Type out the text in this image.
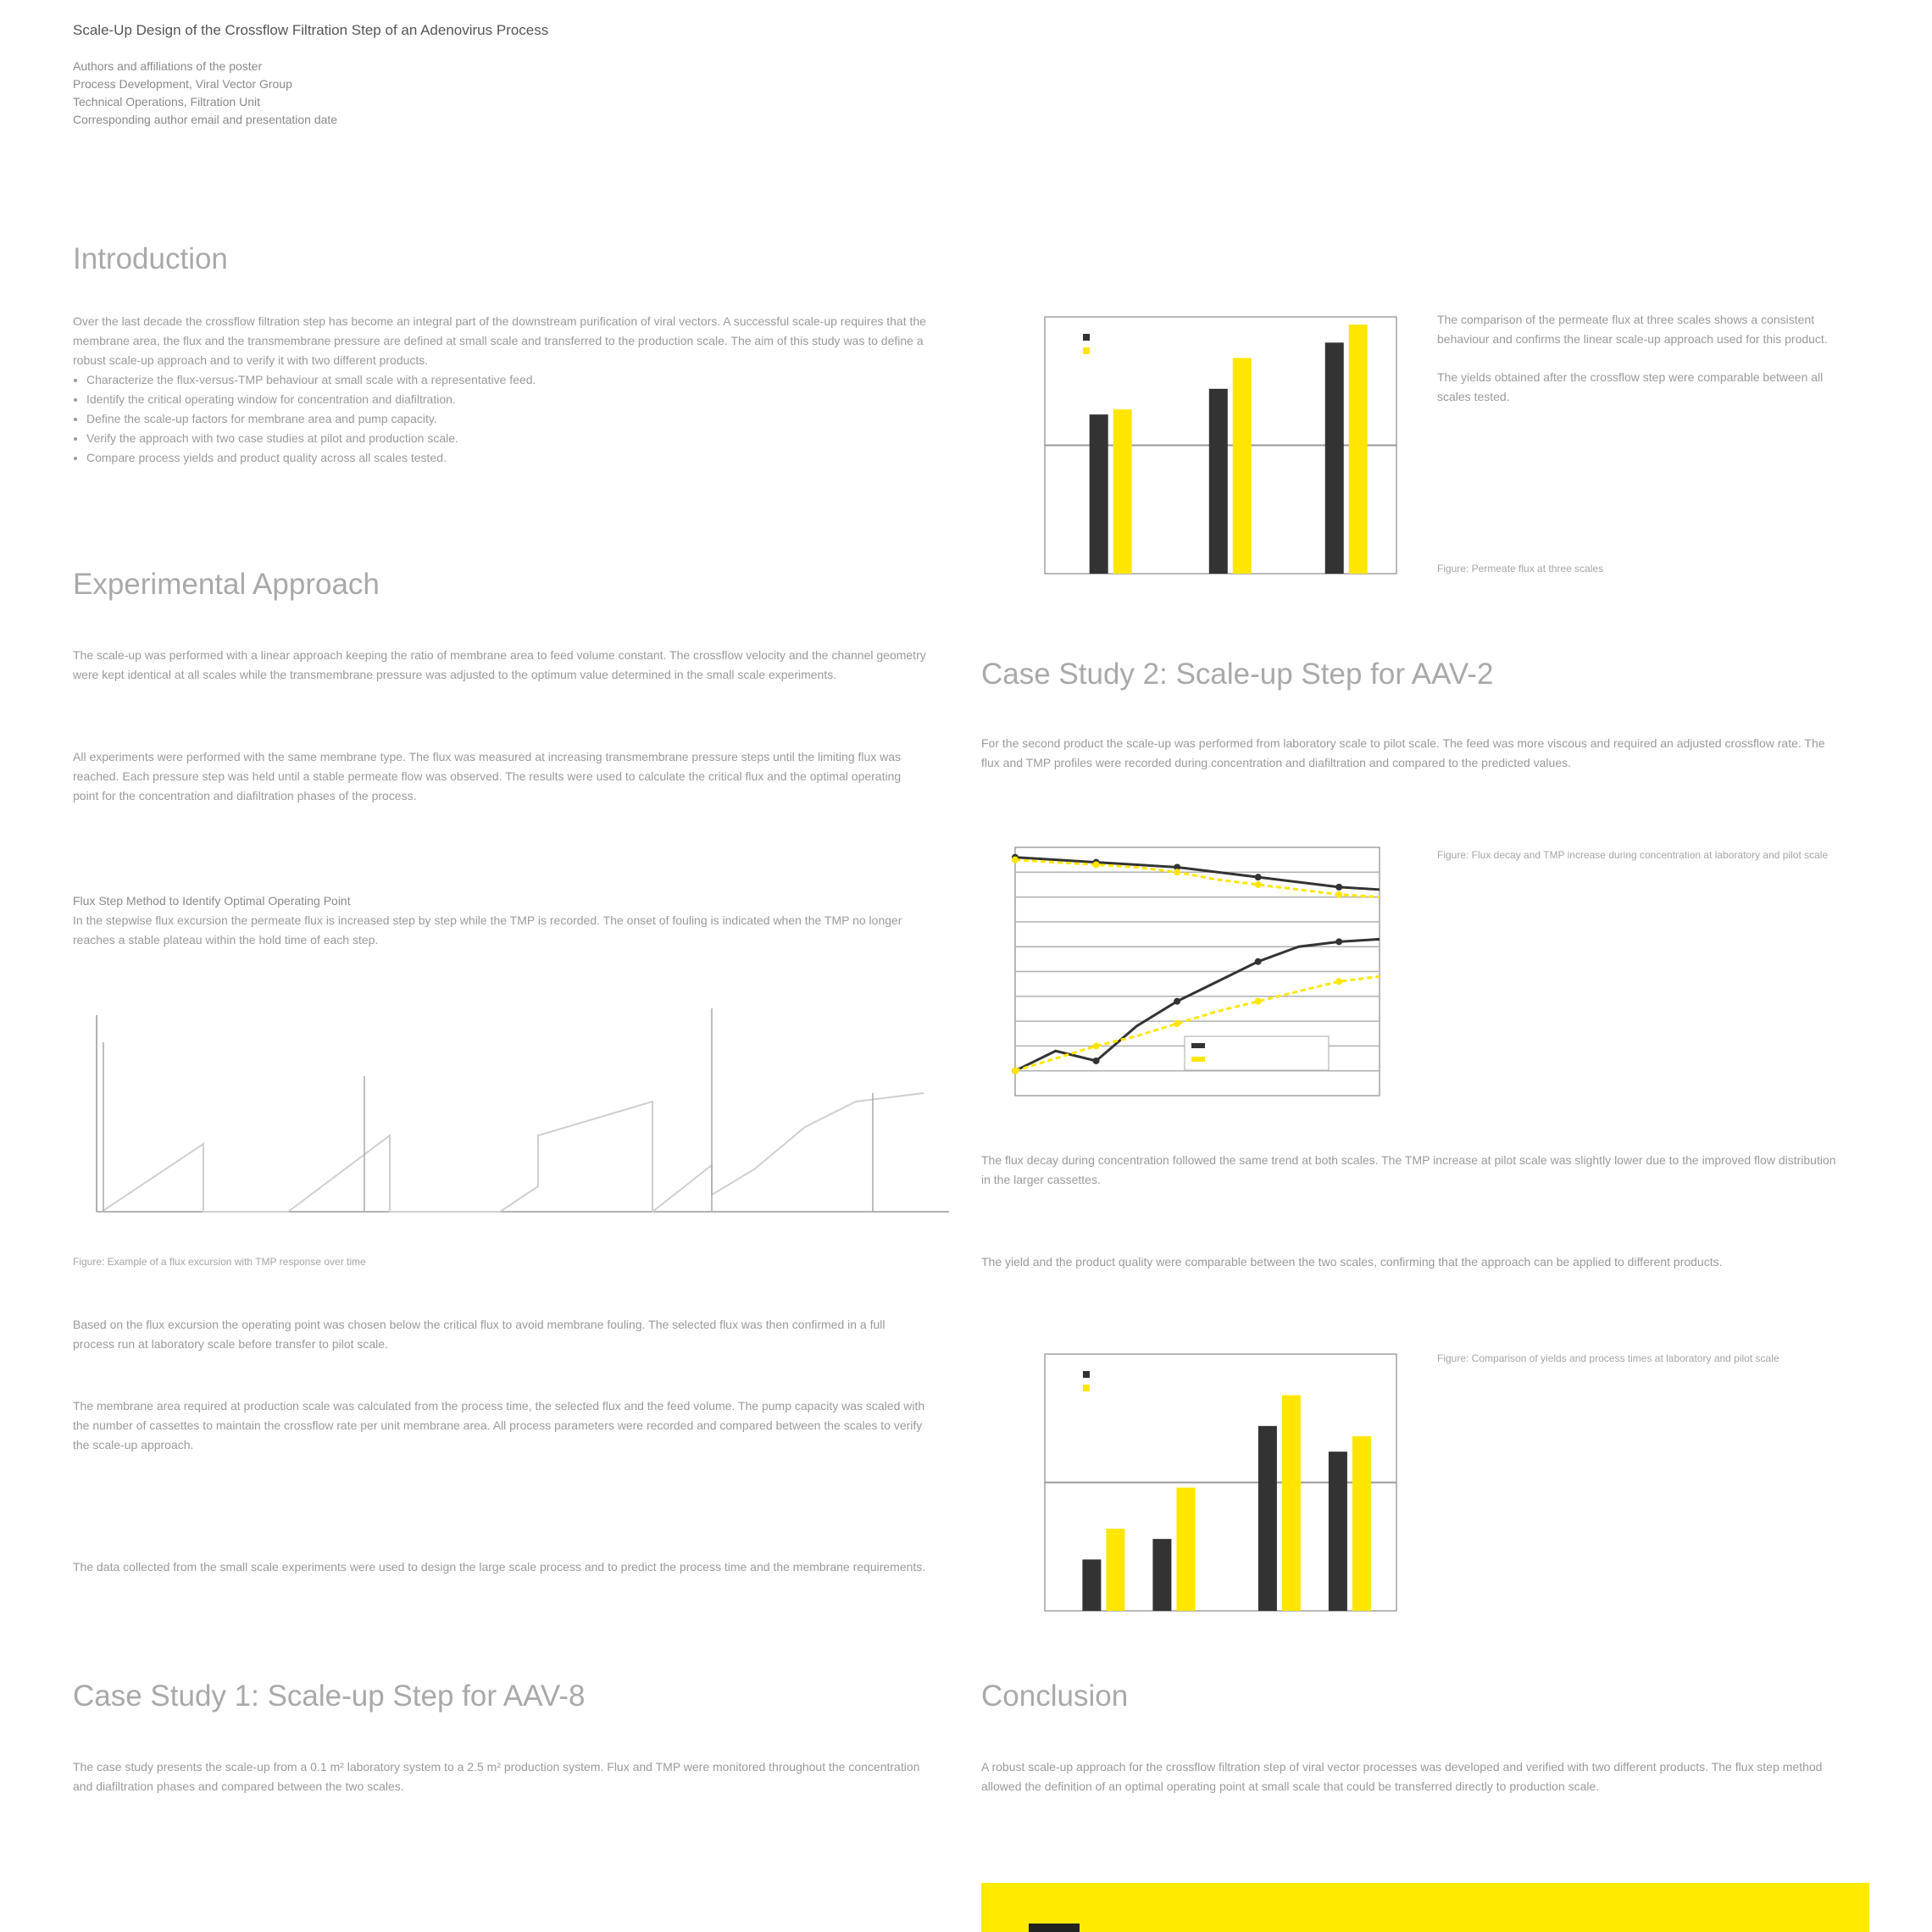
Scale-Up Design of the Crossflow Filtration Step of an Adenovirus Process
Authors and affiliations of the poster
Process Development, Viral Vector Group
Technical Operations, Filtration Unit
Corresponding author email and presentation date
Introduction

Over the last decade the crossflow filtration step has become an integral part of the downstream purification of viral vectors. A successful scale-up requires that the membrane area, the flux and the transmembrane pressure are defined at small scale and transferred to the production scale. The aim of this study was to define a robust scale-up approach and to verify it with two different products.

• Characterize the flux-versus-TMP behaviour at small scale with a representative feed.
• Identify the critical operating window for concentration and diafiltration.
• Define the scale-up factors for membrane area and pump capacity.
• Verify the approach with two case studies at pilot and production scale.
• Compare process yields and product quality across all scales tested.
Experimental Approach
The scale-up was performed with a linear approach keeping the ratio of membrane area to feed volume constant. The crossflow velocity and the channel geometry were kept identical at all scales while the transmembrane pressure was adjusted to the optimum value determined in the small scale experiments.
All experiments were performed with the same membrane type. The flux was measured at increasing transmembrane pressure steps until the limiting flux was reached. Each pressure step was held until a stable permeate flow was observed. The results were used to calculate the critical flux and the optimal operating point for the concentration and diafiltration phases of the process.
Flux Step Method to Identify Optimal Operating Point

In the stepwise flux excursion the permeate flux is increased step by step while the TMP is recorded. The onset of fouling is indicated when the TMP no longer reaches a stable plateau within the hold time of each step.

Figure: Example of a flux excursion with TMP response over time
Based on the flux excursion the operating point was chosen below the critical flux to avoid membrane fouling. The selected flux was then confirmed in a full process run at laboratory scale before transfer to pilot scale.
The membrane area required at production scale was calculated from the process time, the selected flux and the feed volume. The pump capacity was scaled with the number of cassettes to maintain the crossflow rate per unit membrane area. All process parameters were recorded and compared between the scales to verify the scale-up approach.
The data collected from the small scale experiments were used to design the large scale process and to predict the process time and the membrane requirements.
Case Study 1: Scale-up Step for AAV-8
The case study presents the scale-up from a 0.1 m² laboratory system to a 2.5 m² production system. Flux and TMP were monitored throughout the concentration and diafiltration phases and compared between the two scales.

The comparison of the permeate flux at three scales shows a consistent behaviour and confirms the linear scale-up approach used for this product.

The yields obtained after the crossflow step were comparable between all scales tested.

Figure: Permeate flux at three scales
Case Study 2: Scale-up Step for AAV-2
For the second product the scale-up was performed from laboratory scale to pilot scale. The feed was more viscous and required an adjusted crossflow rate. The flux and TMP profiles were recorded during concentration and diafiltration and compared to the predicted values.
Figure: Flux decay and TMP increase during concentration at laboratory and pilot scale
The flux decay during concentration followed the same trend at both scales. The TMP increase at pilot scale was slightly lower due to the improved flow distribution in the larger cassettes.
The yield and the product quality were comparable between the two scales, confirming that the approach can be applied to different products.
Figure: Comparison of yields and process times at laboratory and pilot scale
Conclusion
A robust scale-up approach for the crossflow filtration step of viral vector processes was developed and verified with two different products. The flux step method allowed the definition of an optimal operating point at small scale that could be transferred directly to production scale.
